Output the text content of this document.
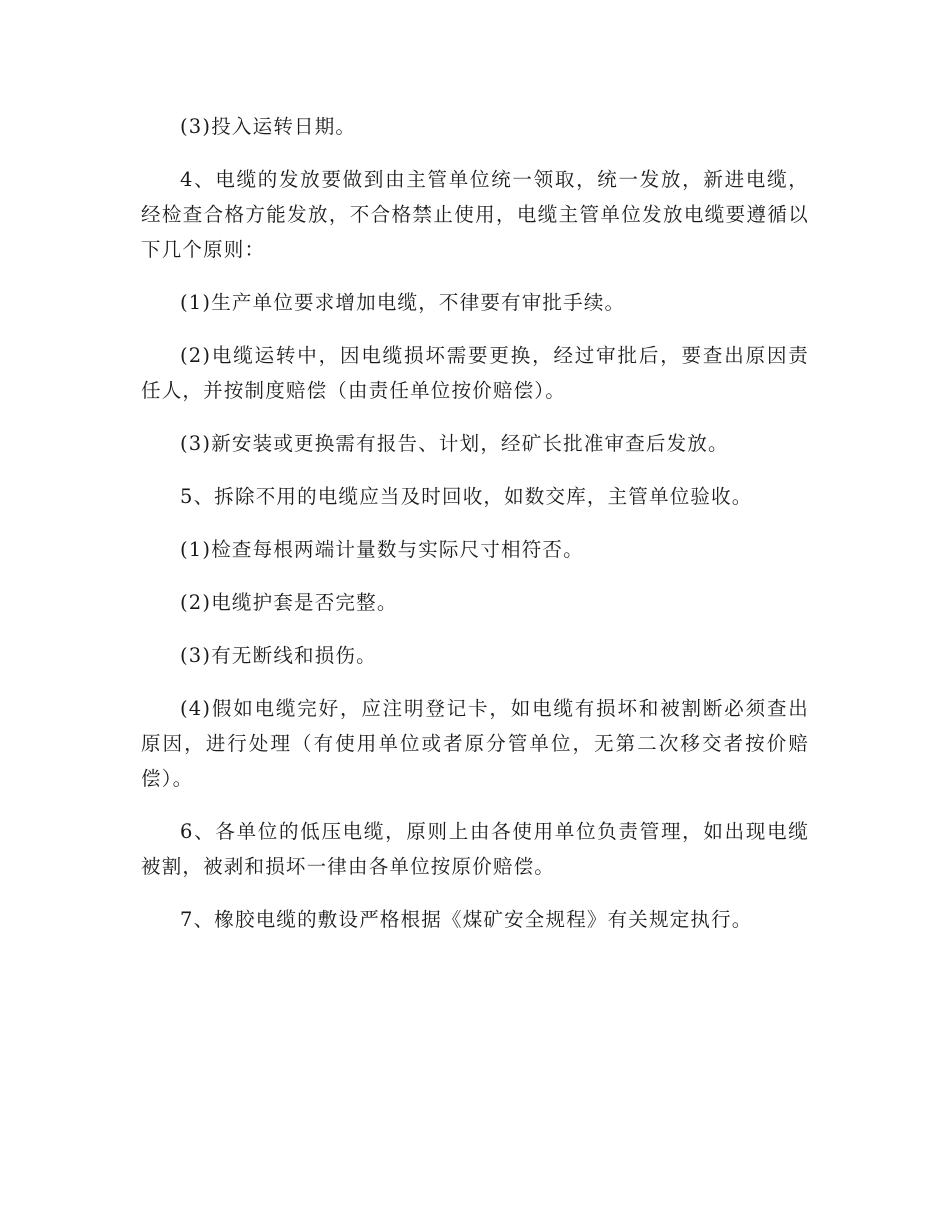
(3)投入运转日期。

4、电缆的发放要做到由主管单位统一领取，统一发放，新进电缆，经检查合格方能发放，不合格禁止使用，电缆主管单位发放电缆要遵循以下几个原则：

(1)生产单位要求增加电缆，不律要有审批手续。

(2)电缆运转中，因电缆损坏需要更换，经过审批后，要查出原因责任人，并按制度赔偿（由责任单位按价赔偿）。

(3)新安装或更换需有报告、计划，经矿长批准审查后发放。

5、拆除不用的电缆应当及时回收，如数交库，主管单位验收。

(1)检查每根两端计量数与实际尺寸相符否。

(2)电缆护套是否完整。

(3)有无断线和损伤。

(4)假如电缆完好，应注明登记卡，如电缆有损坏和被割断必须查出原因，进行处理（有使用单位或者原分管单位，无第二次移交者按价赔偿）。

6、各单位的低压电缆，原则上由各使用单位负责管理，如出现电缆被割，被剥和损坏一律由各单位按原价赔偿。

7、橡胶电缆的敷设严格根据《煤矿安全规程》有关规定执行。
